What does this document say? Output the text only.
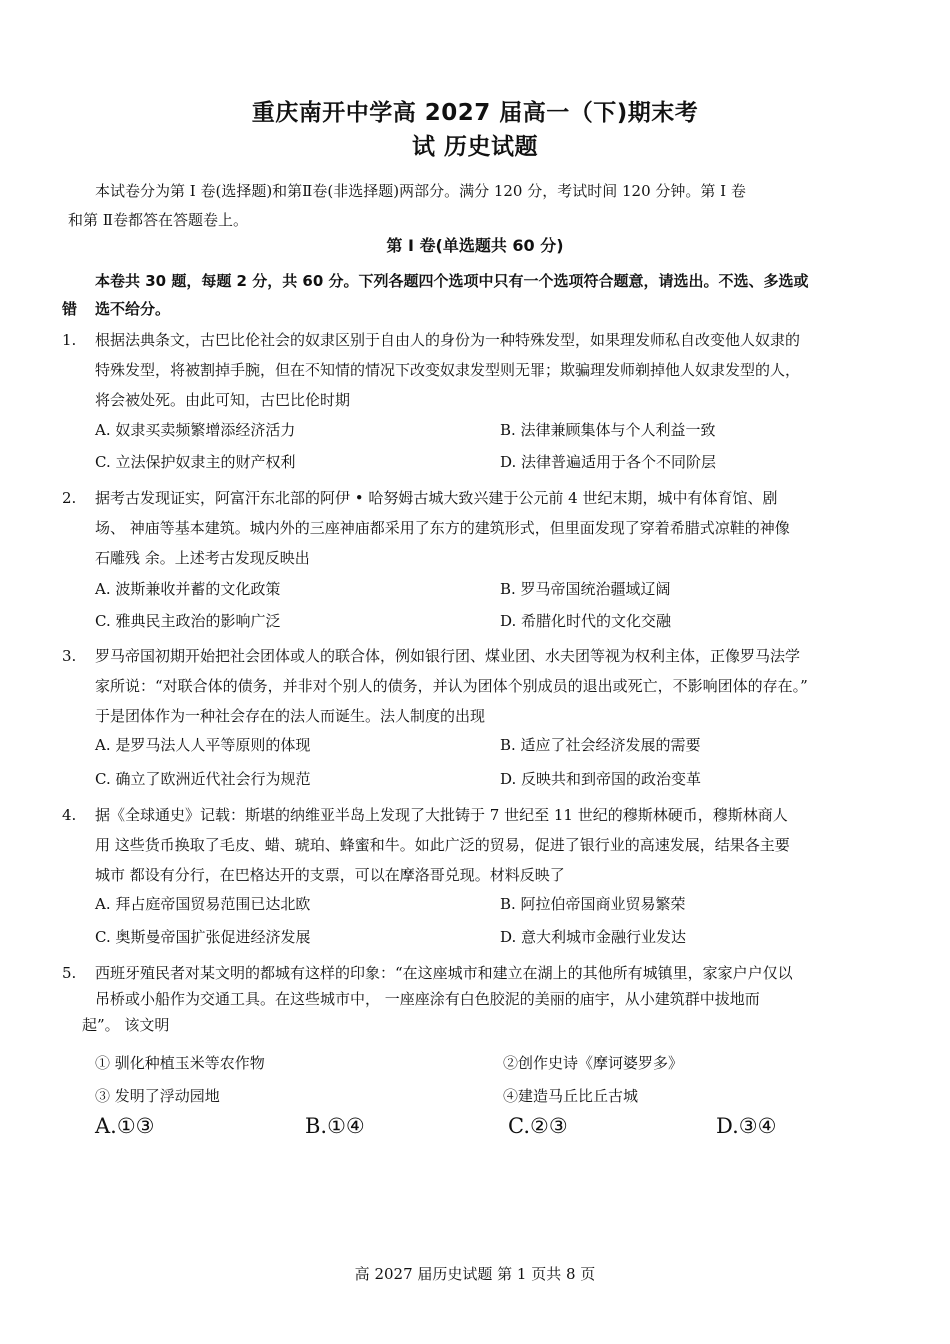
重庆南开中学高 2027 届高一（下)期末考
试 历史试题
本试卷分为第 I 卷(选择题)和第Ⅱ卷(非选择题)两部分。满分 120 分，考试时间 120 分钟。第 I 卷
和第 Ⅱ卷都答在答题卷上。
第 I 卷(单选题共 60 分)
本卷共 30 题，每题 2 分，共 60 分。下列各题四个选项中只有一个选项符合题意，请选出。不选、多选或
错 选不给分。
1. 根据法典条文，古巴比伦社会的奴隶区别于自由人的身份为一种特殊发型，如果理发师私自改变他人奴隶的
特殊发型，将被割掉手腕，但在不知情的情况下改变奴隶发型则无罪；欺骗理发师剃掉他人奴隶发型的人，
将会被处死。由此可知，古巴比伦时期
A. 奴隶买卖频繁增添经济活力	B. 法律兼顾集体与个人利益一致
C. 立法保护奴隶主的财产权利	D. 法律普遍适用于各个不同阶层
2. 据考古发现证实，阿富汗东北部的阿伊 • 哈努姆古城大致兴建于公元前 4 世纪末期，城中有体育馆、剧
场、 神庙等基本建筑。城内外的三座神庙都采用了东方的建筑形式，但里面发现了穿着希腊式凉鞋的神像
石雕残 余。上述考古发现反映出
A. 波斯兼收并蓄的文化政策	B. 罗马帝国统治疆域辽阔
C. 雅典民主政治的影响广泛	D. 希腊化时代的文化交融
3. 罗马帝国初期开始把社会团体或人的联合体，例如银行团、煤业团、水夫团等视为权利主体，正像罗马法学
家所说：“对联合体的债务，并非对个别人的债务，并认为团体个别成员的退出或死亡，不影响团体的存在。”
于是团体作为一种社会存在的法人而诞生。法人制度的出现
A. 是罗马法人人平等原则的体现	B. 适应了社会经济发展的需要
C. 确立了欧洲近代社会行为规范	D. 反映共和到帝国的政治变革
4. 据《全球通史》记载：斯堪的纳维亚半岛上发现了大批铸于 7 世纪至 11 世纪的穆斯林硬币，穆斯林商人
用 这些货币换取了毛皮、蜡、琥珀、蜂蜜和牛。如此广泛的贸易，促进了银行业的高速发展，结果各主要
城市 都设有分行，在巴格达开的支票，可以在摩洛哥兑现。材料反映了
A. 拜占庭帝国贸易范围已达北欧	B. 阿拉伯帝国商业贸易繁荣
C. 奥斯曼帝国扩张促进经济发展	D. 意大利城市金融行业发达
5. 西班牙殖民者对某文明的都城有这样的印象：“在这座城市和建立在湖上的其他所有城镇里，家家户户仅以
吊桥或小船作为交通工具。在这些城市中， 一座座涂有白色胶泥的美丽的庙宇，从小建筑群中拔地而
起”。 该文明
① 驯化种植玉米等农作物	②创作史诗《摩诃婆罗多》
③ 发明了浮动园地	④建造马丘比丘古城
A.①③	B.①④	C.②③	D.③④
高 2027 届历史试题 第 1 页共 8 页
